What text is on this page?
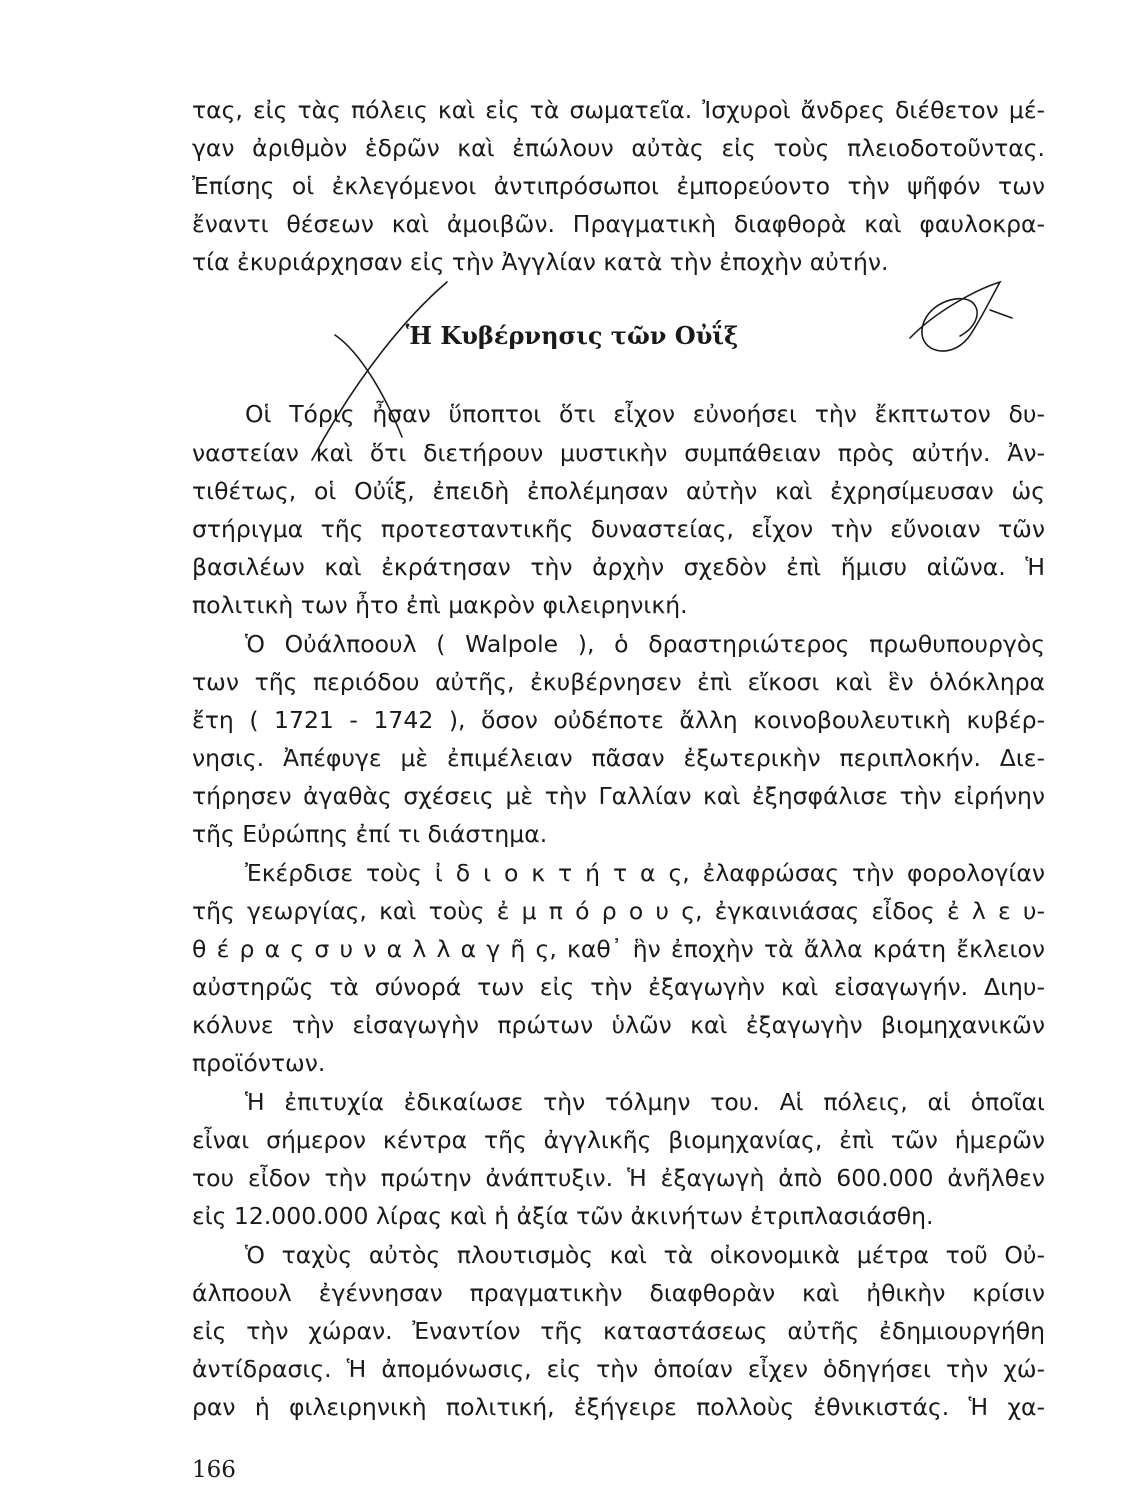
τας, εἰς τὰς πόλεις καὶ εἰς τὰ σωματεῖα. Ἰσχυροὶ ἄνδρες διέθετον μέ-
γαν ἀριθμὸν ἑδρῶν καὶ ἐπώλουν αὐτὰς εἰς τοὺς πλειοδοτοῦντας.
Ἐπίσης οἱ ἐκλεγόμενοι ἀντιπρόσωποι ἐμπορεύοντο τὴν ψῆφόν των
ἔναντι θέσεων καὶ ἀμοιβῶν. Πραγματικὴ διαφθορὰ καὶ φαυλοκρα-
τία ἐκυριάρχησαν εἰς τὴν Ἀγγλίαν κατὰ τὴν ἐποχὴν αὐτήν.
Ἡ Κυβέρνησις τῶν Οὐΐξ
Οἱ Τόρις ἦσαν ὕποπτοι ὅτι εἶχον εὐνοήσει τὴν ἔκπτωτον δυ-
ναστείαν καὶ ὅτι διετήρουν μυστικὴν συμπάθειαν πρὸς αὐτήν. Ἀν-
τιθέτως, οἱ Οὐΐξ, ἐπειδὴ ἐπολέμησαν αὐτὴν καὶ ἐχρησίμευσαν ὡς
στήριγμα τῆς προτεσταντικῆς δυναστείας, εἶχον τὴν εὔνοιαν τῶν
βασιλέων καὶ ἐκράτησαν τὴν ἀρχὴν σχεδὸν ἐπὶ ἥμισυ αἰῶνα. Ἡ
πολιτικὴ των ἦτο ἐπὶ μακρὸν φιλειρηνική.
Ὁ Οὐάλποουλ ( Walpole ), ὁ δραστηριώτερος πρωθυπουργὸς
των τῆς περιόδου αὐτῆς, ἐκυβέρνησεν ἐπὶ εἴκοσι καὶ ἓν ὁλόκληρα
ἔτη ( 1721 - 1742 ), ὅσον οὐδέποτε ἄλλη κοινοβουλευτικὴ κυβέρ-
νησις. Ἀπέφυγε μὲ ἐπιμέλειαν πᾶσαν ἐξωτερικὴν περιπλοκήν. Διε-
τήρησεν ἀγαθὰς σχέσεις μὲ τὴν Γαλλίαν καὶ ἐξησφάλισε τὴν εἰρήνην
τῆς Εὐρώπης ἐπί τι διάστημα.
Ἐκέρδισε τοὺς ἰ δ ι ο κ τ ή τ α ς, ἐλαφρώσας τὴν φορολογίαν
τῆς γεωργίας, καὶ τοὺς ἐ μ π ό ρ ο υ ς, ἐγκαινιάσας εἶδος ἐ λ ε υ-
θ έ ρ α ς σ υ ν α λ λ α γ ῆ ς, καθ᾽ ἣν ἐποχὴν τὰ ἄλλα κράτη ἔκλειον
αὐστηρῶς τὰ σύνορά των εἰς τὴν ἐξαγωγὴν καὶ εἰσαγωγήν. Διηυ-
κόλυνε τὴν εἰσαγωγὴν πρώτων ὑλῶν καὶ ἐξαγωγὴν βιομηχανικῶν
προϊόντων.
Ἡ ἐπιτυχία ἐδικαίωσε τὴν τόλμην του. Αἱ πόλεις, αἱ ὁποῖαι
εἶναι σήμερον κέντρα τῆς ἀγγλικῆς βιομηχανίας, ἐπὶ τῶν ἡμερῶν
του εἶδον τὴν πρώτην ἀνάπτυξιν. Ἡ ἐξαγωγὴ ἀπὸ 600.000 ἀνῆλθεν
εἰς 12.000.000 λίρας καὶ ἡ ἀξία τῶν ἀκινήτων ἐτριπλασιάσθη.
Ὁ ταχὺς αὐτὸς πλουτισμὸς καὶ τὰ οἰκονομικὰ μέτρα τοῦ Οὐ-
άλποουλ ἐγέννησαν πραγματικὴν διαφθορὰν καὶ ἠθικὴν κρίσιν
εἰς τὴν χώραν. Ἐναντίον τῆς καταστάσεως αὐτῆς ἐδημιουργήθη
ἀντίδρασις. Ἡ ἀπομόνωσις, εἰς τὴν ὁποίαν εἶχεν ὁδηγήσει τὴν χώ-
ραν ἡ φιλειρηνικὴ πολιτική, ἐξήγειρε πολλοὺς ἐθνικιστάς. Ἡ χα-
166
